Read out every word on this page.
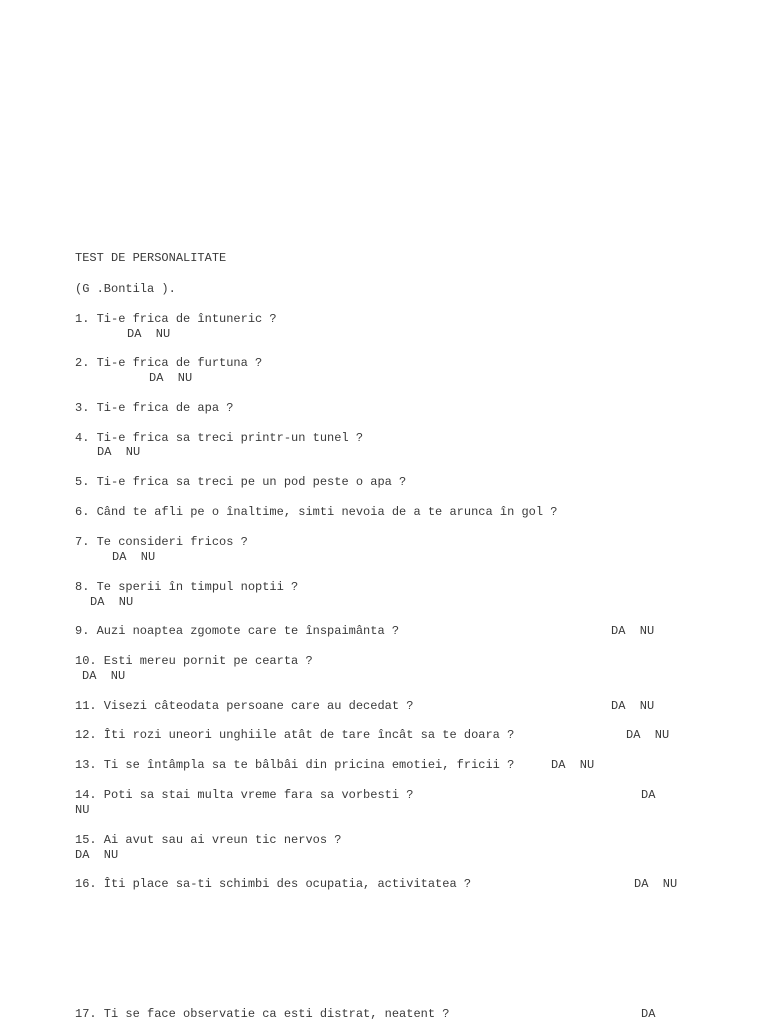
TEST DE PERSONALITATE
(G .Bontila ).
1. Ti-e frica de întuneric ?
DA  NU
2. Ti-e frica de furtuna ?
DA  NU
3. Ti-e frica de apa ?
4. Ti-e frica sa treci printr-un tunel ?
DA  NU
5. Ti-e frica sa treci pe un pod peste o apa ?
6. Când te afli pe o înaltime, simti nevoia de a te arunca în gol ?
7. Te consideri fricos ?
DA  NU
8. Te sperii în timpul noptii ?
DA  NU
9. Auzi noaptea zgomote care te înspaimânta ?	DA  NU
10. Esti mereu pornit pe cearta ?
DA  NU
11. Visezi câteodata persoane care au decedat ?	DA  NU
12. Îti rozi uneori unghiile atât de tare încât sa te doara ?	DA  NU
13. Ti se întâmpla sa te bâlbâi din pricina emotiei, fricii ?	DA  NU
14. Poti sa stai multa vreme fara sa vorbesti ?	DA
NU
15. Ai avut sau ai vreun tic nervos ?
DA  NU
16. Îti place sa-ti schimbi des ocupatia, activitatea ?	DA  NU
17. Ti se face observatie ca esti distrat, neatent ?	DA
